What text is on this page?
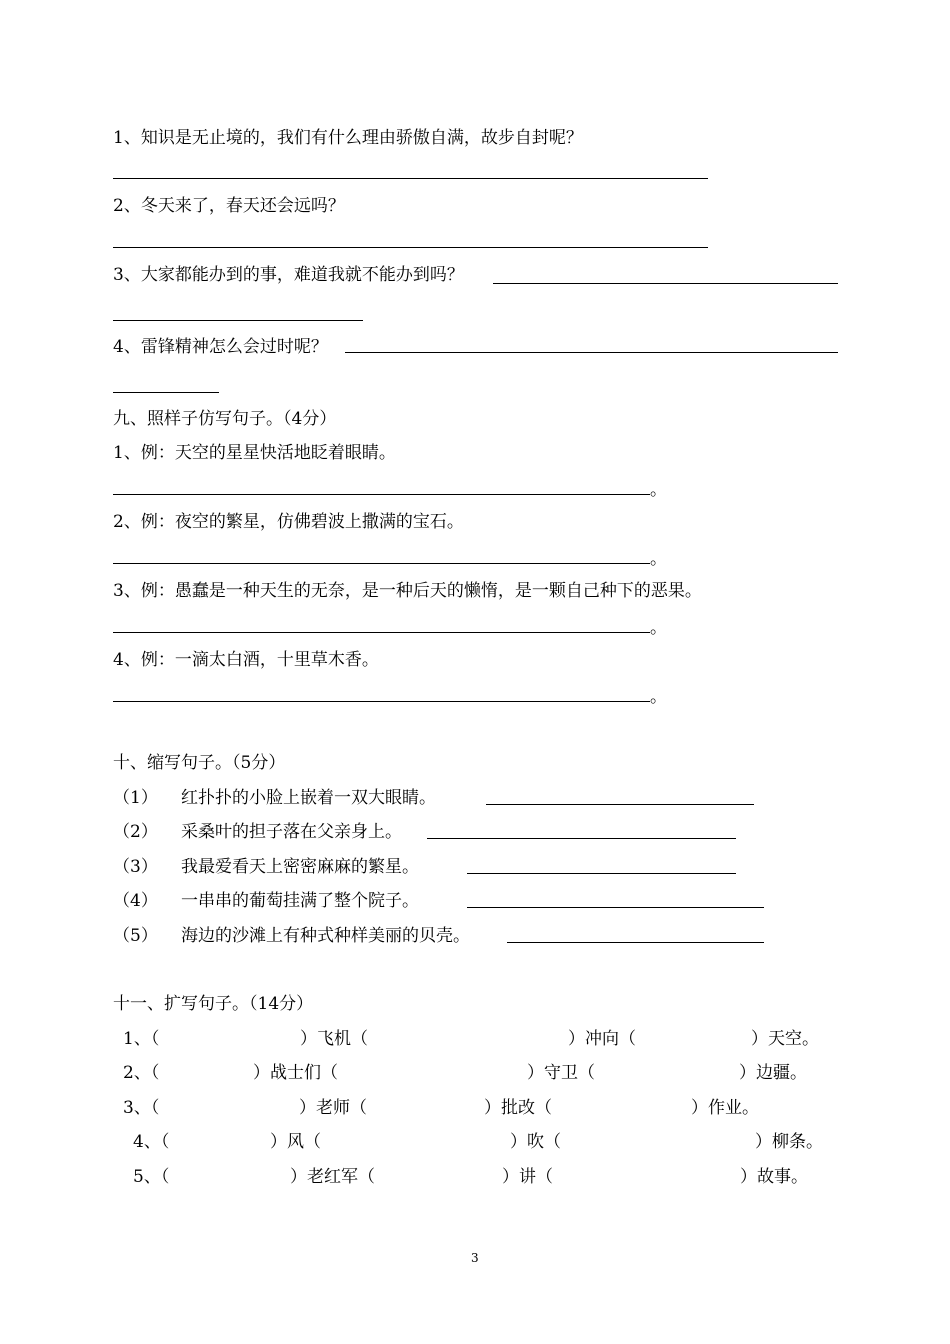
1、知识是无止境的，我们有什么理由骄傲自满，故步自封呢？
2、冬天来了，春天还会远吗？
3、大家都能办到的事，难道我就不能办到吗？
4、雷锋精神怎么会过时呢？
九、照样子仿写句子。（4分）
1、例：天空的星星快活地眨着眼睛。
。
2、例：夜空的繁星，仿佛碧波上撒满的宝石。
。
3、例：愚蠢是一种天生的无奈，是一种后天的懒惰，是一颗自己种下的恶果。
。
4、例：一滴太白酒，十里草木香。
。
十、缩写句子。（5分）
（1） 红扑扑的小脸上嵌着一双大眼睛。
（2） 采桑叶的担子落在父亲身上。
（3） 我最爱看天上密密麻麻的繁星。
（4） 一串串的葡萄挂满了整个院子。
（5） 海边的沙滩上有种式种样美丽的贝壳。
十一、扩写句子。（14分）
1、（	）飞机（	）冲向（	）天空。
2、（	）战士们（	）守卫（	）边疆。
3、（	）老师（	）批改（	）作业。
4、（	）风（	）吹（	）柳条。
5、（	）老红军（	）讲（	）故事。
3
